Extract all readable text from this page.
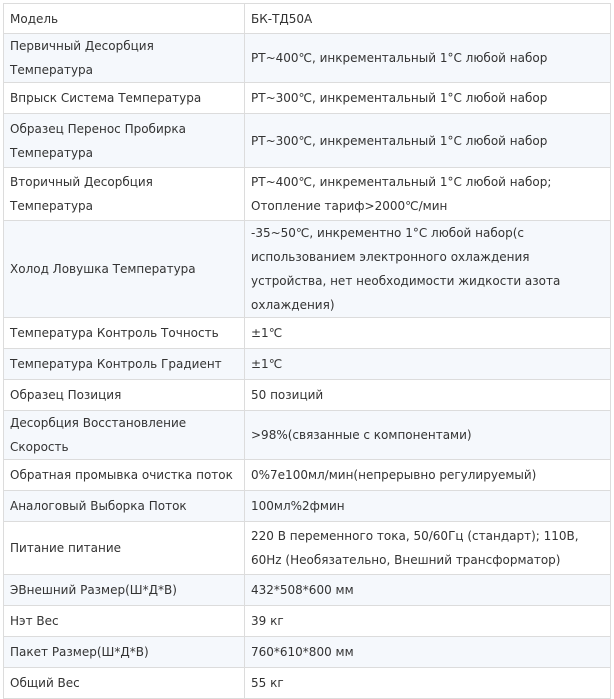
Модель	БК-ТД50А
Первичный Десорбция Температура	РТ~400℃, инкрементальный 1°C любой набор
Впрыск Система Температура	РТ~300℃, инкрементальный 1°C любой набор
Образец Перенос Пробирка Температура	РТ~300℃, инкрементальный 1°C любой набор
Вторичный Десорбция Температура	РТ~400℃, инкрементальный 1°C любой набор; Отопление тариф>2000℃/мин
Холод Ловушка Температура	-35~50℃, инкрементно 1°C любой набор(с использованием электронного охлаждения устройства, нет необходимости жидкости азота охлаждения)
Температура Контроль Точность	±1℃
Температура Контроль Градиент	±1℃
Образец Позиция	50 позиций
Десорбция Восстановление Скорость	>98%(связанные с компонентами)
Обратная промывка очистка поток	0%7е100мл/мин(непрерывно регулируемый)
Аналоговый Выборка Поток	100мл%2фмин
Питание питание	220 В переменного тока, 50/60Гц (стандарт); 110В, 60Нz (Необязательно, Внешний трансформатор)
ЭВнешний Размер(Ш*Д*В)	432*508*600 мм
Нэт Вес	39 кг
Пакет Размер(Ш*Д*В)	760*610*800 мм
Общий Вес	55 кг
